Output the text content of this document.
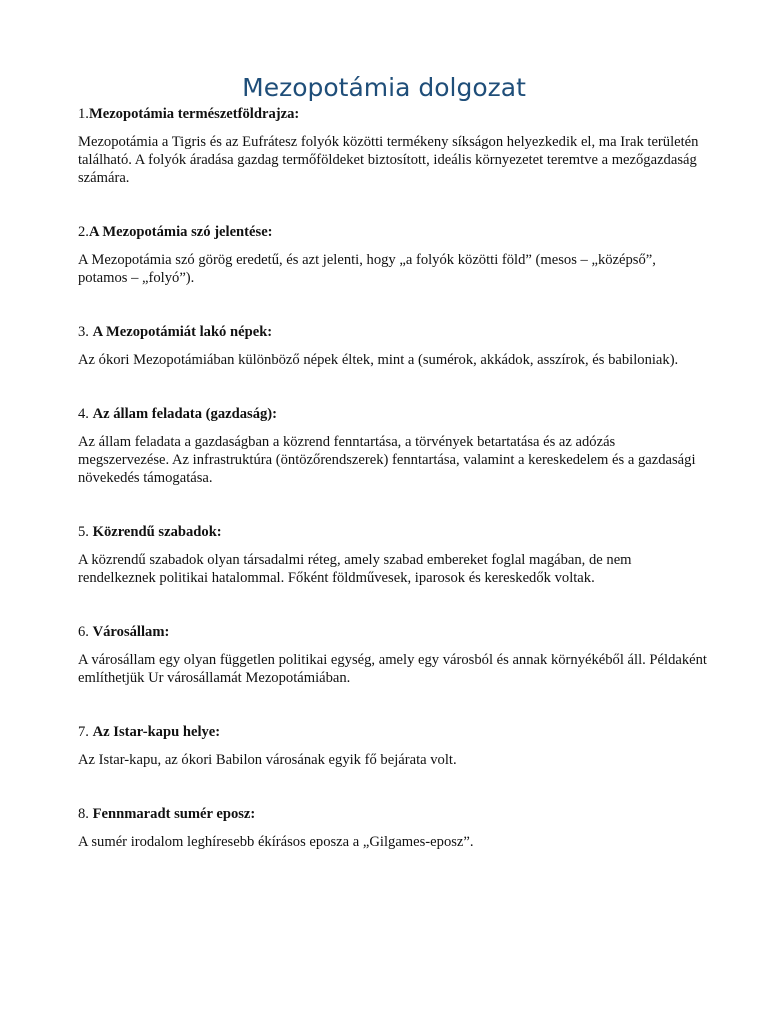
Mezopotámia dolgozat

1.Mezopotámia természetföldrajza:

Mezopotámia a Tigris és az Eufrátesz folyók közötti termékeny síkságon helyezkedik el, ma Irak területén található. A folyók áradása gazdag termőföldeket biztosított, ideális környezetet teremtve a mezőgazdaság számára.

2.A Mezopotámia szó jelentése:

A Mezopotámia szó görög eredetű, és azt jelenti, hogy „a folyók közötti föld” (mesos – „középső”, potamos – „folyó”).

3. A Mezopotámiát lakó népek:

Az ókori Mezopotámiában különböző népek éltek, mint a (sumérok, akkádok, asszírok, és babiloniak).

4. Az állam feladata (gazdaság):

Az állam feladata a gazdaságban a közrend fenntartása, a törvények betartatása és az adózás megszervezése. Az infrastruktúra (öntözőrendszerek) fenntartása, valamint a kereskedelem és a gazdasági növekedés támogatása.

5. Közrendű szabadok:

A közrendű szabadok olyan társadalmi réteg, amely szabad embereket foglal magában, de nem rendelkeznek politikai hatalommal. Főként földművesek, iparosok és kereskedők voltak.

6. Városállam:

A városállam egy olyan független politikai egység, amely egy városból és annak környékéből áll. Példaként említhetjük Ur városállamát Mezopotámiában.

7. Az Istar-kapu helye:

Az Istar-kapu, az ókori Babilon városának egyik fő bejárata volt.

8. Fennmaradt sumér eposz:

A sumér irodalom leghíresebb ékírásos eposza a „Gilgames-eposz”.
